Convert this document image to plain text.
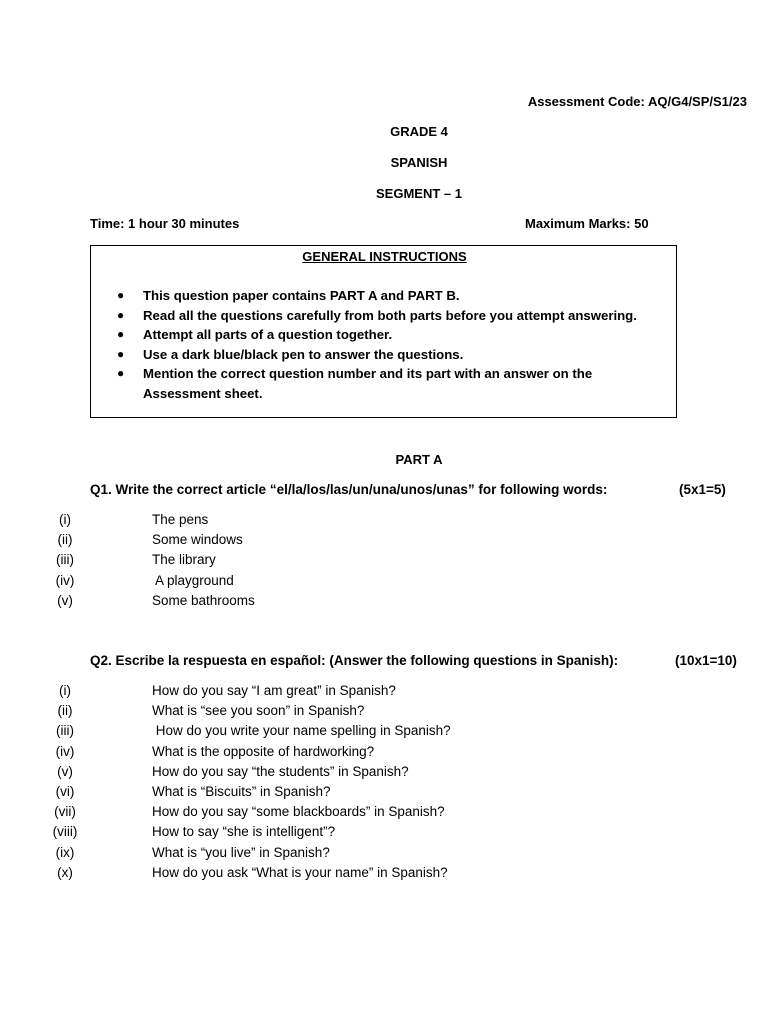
Assessment Code: AQ/G4/SP/S1/23
GRADE 4
SPANISH
SEGMENT – 1
Time: 1 hour 30 minutes	Maximum Marks: 50
GENERAL INSTRUCTIONS
● This question paper contains PART A and PART B.
● Read all the questions carefully from both parts before you attempt answering.
● Attempt all parts of a question together.
● Use a dark blue/black pen to answer the questions.
● Mention the correct question number and its part with an answer on the Assessment sheet.
PART A
Q1. Write the correct article “el/la/los/las/un/una/unos/unas” for following words:	(5x1=5)
(i)	The pens
(ii)	Some windows
(iii)	The library
(iv)	A playground
(v)	Some bathrooms
Q2. Escribe la respuesta en español: (Answer the following questions in Spanish):	(10x1=10)
(i)	How do you say “I am great” in Spanish?
(ii)	What is “see you soon” in Spanish?
(iii)	How do you write your name spelling in Spanish?
(iv)	What is the opposite of hardworking?
(v)	How do you say “the students” in Spanish?
(vi)	What is “Biscuits” in Spanish?
(vii)	How do you say “some blackboards” in Spanish?
(viii)	How to say “she is intelligent”?
(ix)	What is “you live” in Spanish?
(x)	How do you ask “What is your name” in Spanish?
